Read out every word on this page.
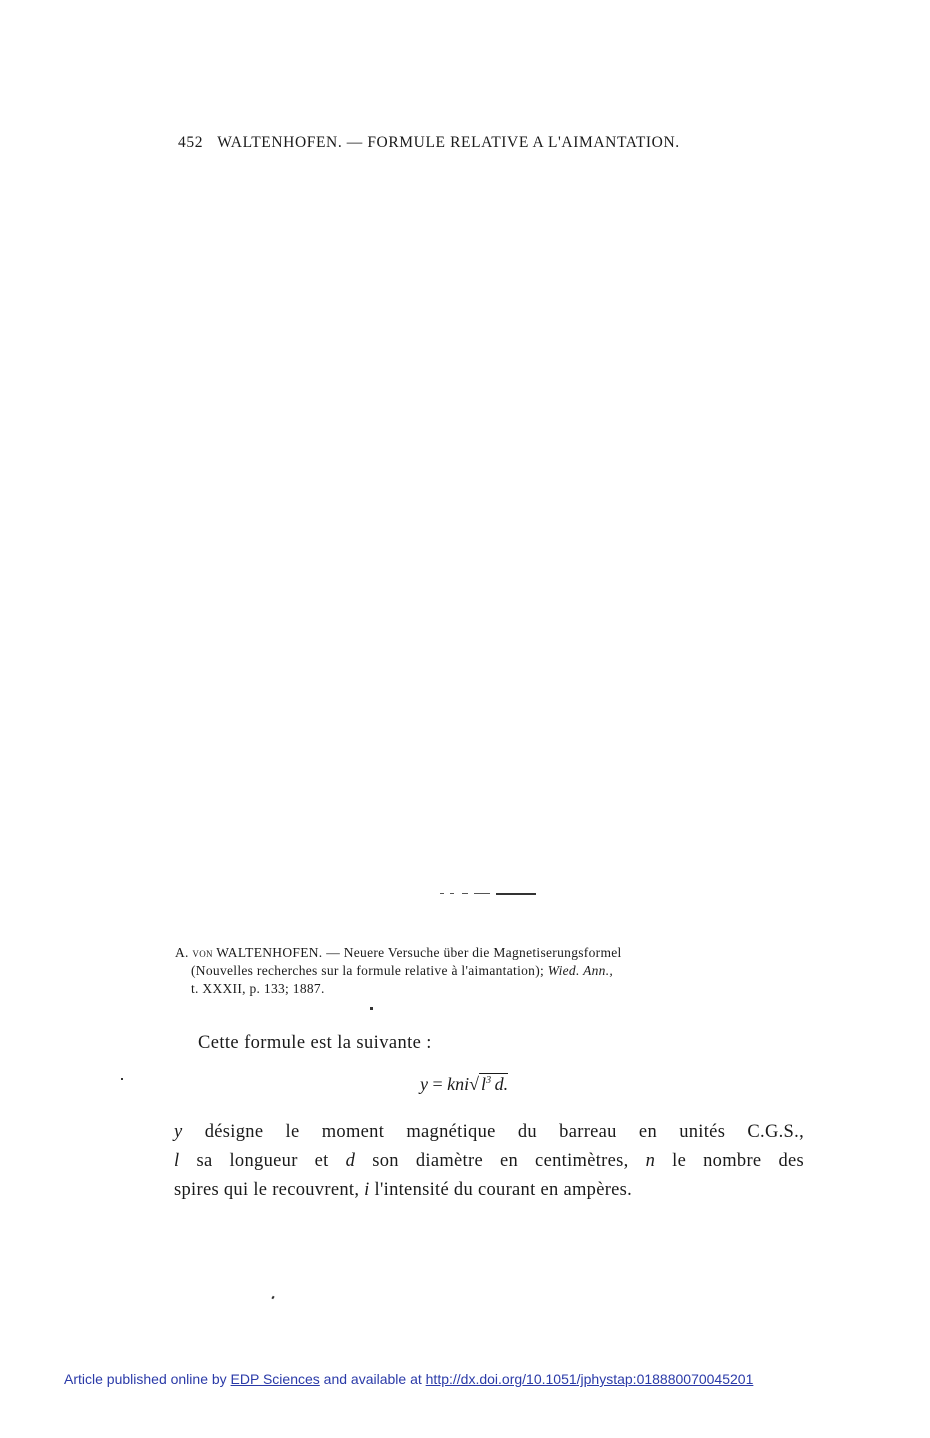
452 WALTENHOFEN. — FORMULE RELATIVE A L'AIMANTATION.
A. von WALTENHOFEN. — Neuere Versuche über die Magnetiserungsformel
(Nouvelles recherches sur la formule relative à l'aimantation); Wied. Ann.,
t. XXXII, p. 133; 1887.
Cette formule est la suivante :
y = kni√ $l^3$  d.
y désigne le moment magnétique du barreau en unités C.G.S.,
l sa longueur et d son diamètre en centimètres, n le nombre des
spires qui le recouvrent, i l'intensité du courant en ampères.
Article published online by EDP Sciences and available at http://dx.doi.org/10.1051/jphystap:018880070045201
